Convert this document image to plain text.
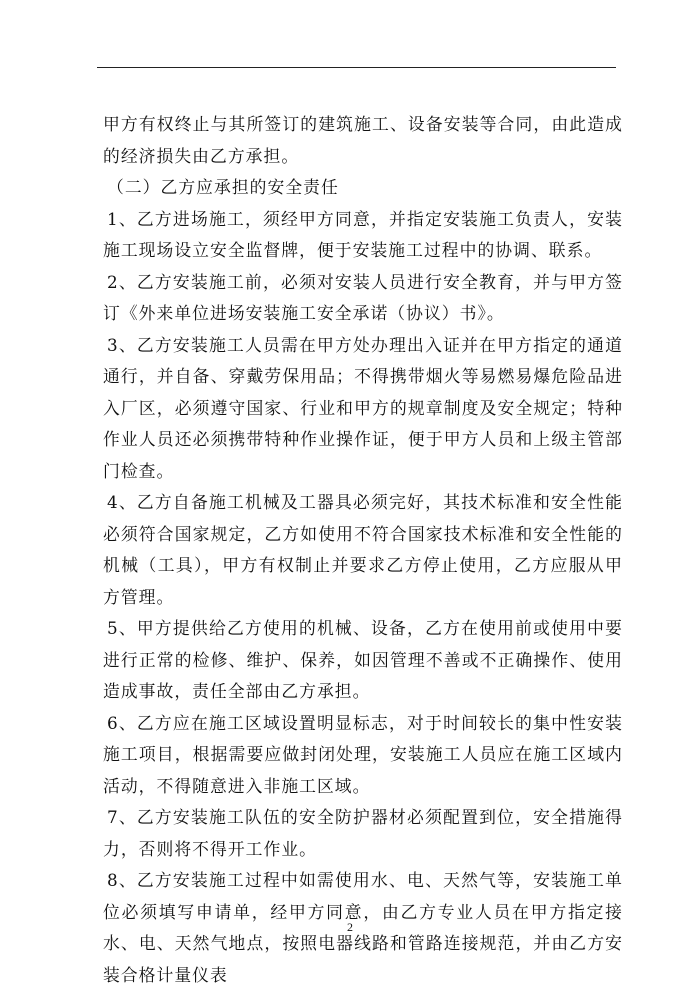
甲方有权终止与其所签订的建筑施工、设备安装等合同，由此造成的经济损失由乙方承担。

（二）乙方应承担的安全责任

1、乙方进场施工，须经甲方同意，并指定安装施工负责人，安装施工现场设立安全监督牌，便于安装施工过程中的协调、联系。

2、乙方安装施工前，必须对安装人员进行安全教育，并与甲方签订《外来单位进场安装施工安全承诺（协议）书》。

3、乙方安装施工人员需在甲方处办理出入证并在甲方指定的通道通行，并自备、穿戴劳保用品；不得携带烟火等易燃易爆危险品进入厂区，必须遵守国家、行业和甲方的规章制度及安全规定；特种作业人员还必须携带特种作业操作证，便于甲方人员和上级主管部门检查。

4、乙方自备施工机械及工器具必须完好，其技术标准和安全性能必须符合国家规定，乙方如使用不符合国家技术标准和安全性能的机械（工具），甲方有权制止并要求乙方停止使用，乙方应服从甲方管理。

5、甲方提供给乙方使用的机械、设备，乙方在使用前或使用中要进行正常的检修、维护、保养，如因管理不善或不正确操作、使用造成事故，责任全部由乙方承担。

6、乙方应在施工区域设置明显标志，对于时间较长的集中性安装施工项目，根据需要应做封闭处理，安装施工人员应在施工区域内活动，不得随意进入非施工区域。

7、乙方安装施工队伍的安全防护器材必须配置到位，安全措施得力，否则将不得开工作业。

8、乙方安装施工过程中如需使用水、电、天然气等，安装施工单位必须填写申请单，经甲方同意，由乙方专业人员在甲方指定接水、电、天然气地点，按照电器线路和管路连接规范，并由乙方安装合格计量仪表

2
